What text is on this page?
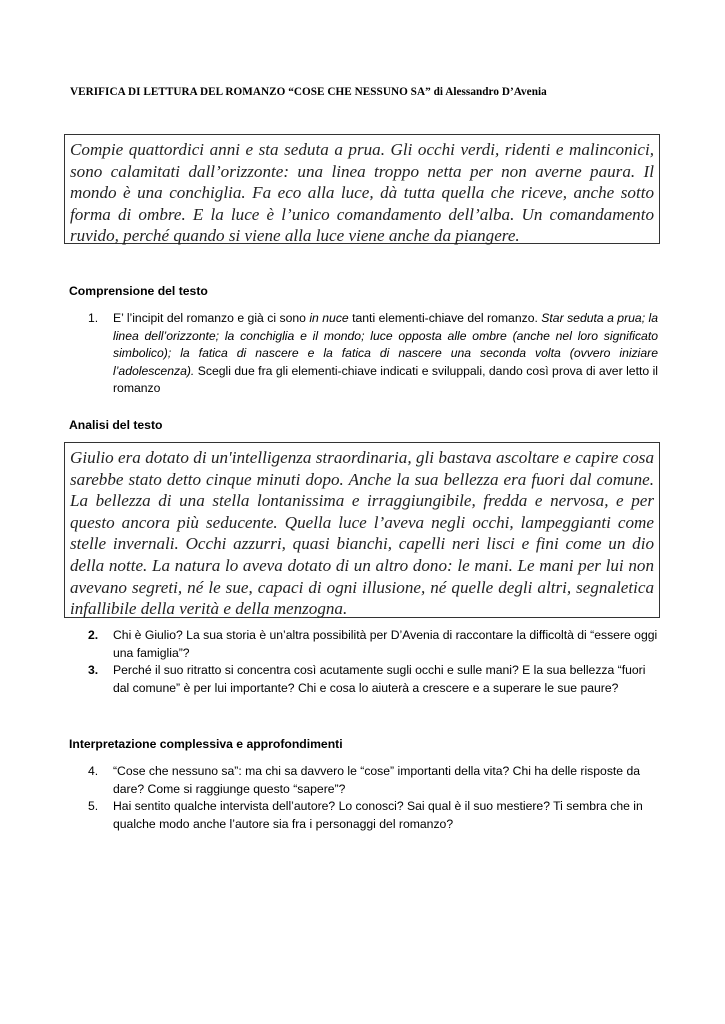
VERIFICA DI LETTURA DEL ROMANZO “COSE CHE NESSUNO SA” di Alessandro D’Avenia
Compie quattordici anni e sta seduta a prua. Gli occhi verdi, ridenti e malinconici, sono calamitati dall’orizzonte: una linea troppo netta per non averne paura. Il mondo è una conchiglia. Fa eco alla luce, dà tutta quella che riceve, anche sotto forma di ombre. E la luce è l’unico comandamento dell’alba. Un comandamento ruvido, perché quando si viene alla luce viene anche da piangere.
Comprensione del testo
1.	E’ l’incipit del romanzo e già ci sono in nuce tanti elementi-chiave del romanzo. Star seduta a prua; la linea dell’orizzonte; la conchiglia e il mondo; luce opposta alle ombre (anche nel loro significato simbolico); la fatica di nascere e la fatica di nascere una seconda volta (ovvero iniziare l’adolescenza). Scegli due fra gli elementi-chiave indicati e sviluppali, dando così prova di aver letto il romanzo
Analisi del testo
Giulio era dotato di un'intelligenza straordinaria, gli bastava ascoltare e capire cosa sarebbe stato detto cinque minuti dopo. Anche la sua bellezza era fuori dal comune. La bellezza di una stella lontanissima e irraggiungibile, fredda e nervosa, e per questo ancora più seducente. Quella luce l’aveva negli occhi, lampeggianti come stelle invernali. Occhi azzurri, quasi bianchi, capelli neri lisci e fini come un dio della notte. La natura lo aveva dotato di un altro dono: le mani. Le mani per lui non avevano segreti, né le sue, capaci di ogni illusione, né quelle degli altri, segnaletica infallibile della verità e della menzogna.
2.	Chi è Giulio? La sua storia è un’altra possibilità per D’Avenia di raccontare la difficoltà di “essere oggi una famiglia”?
3.	Perché il suo ritratto si concentra così acutamente sugli occhi e sulle mani? E la sua bellezza “fuori dal comune” è per lui importante? Chi e cosa lo aiuterà a crescere e a superare le sue paure?
Interpretazione complessiva e approfondimenti
4.	“Cose che nessuno sa”: ma chi sa davvero le “cose” importanti della vita? Chi ha delle risposte da dare? Come si raggiunge questo “sapere”?
5.	Hai sentito qualche intervista dell’autore? Lo conosci? Sai qual è il suo mestiere? Ti sembra che in qualche modo anche l’autore sia fra i personaggi del romanzo?
